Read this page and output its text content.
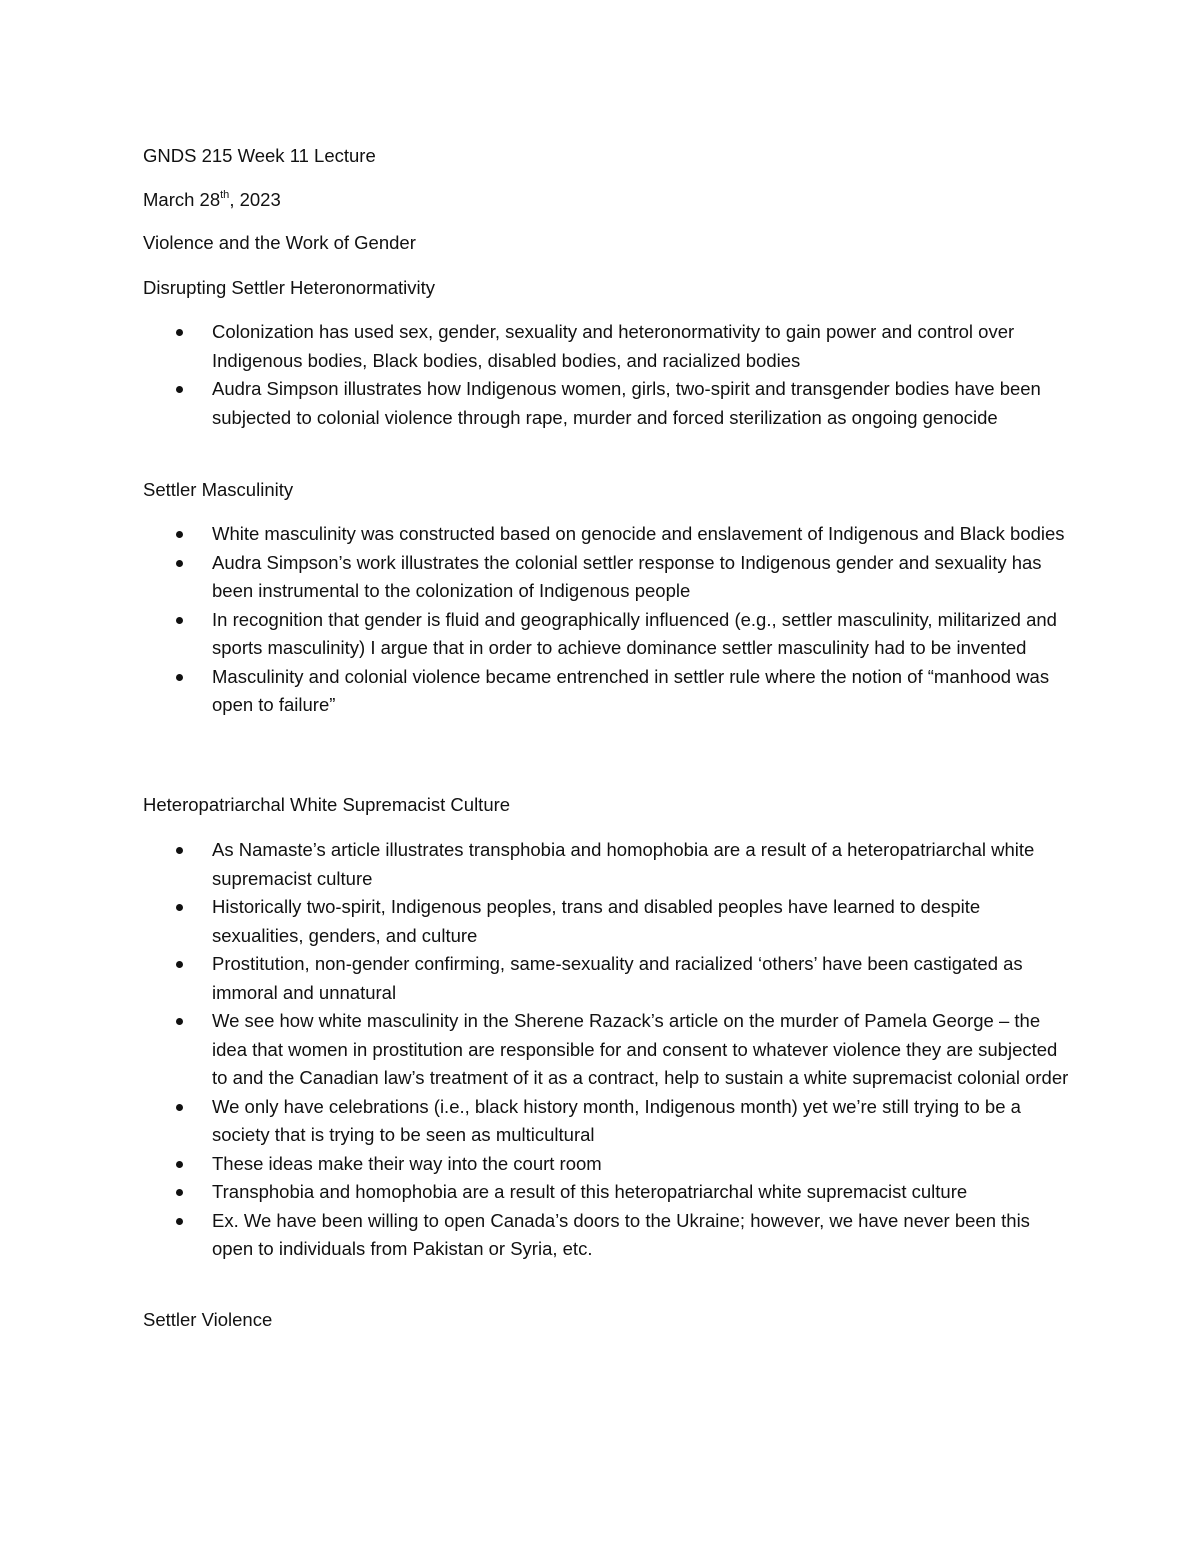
GNDS 215 Week 11 Lecture

March 28th, 2023

Violence and the Work of Gender

Disrupting Settler Heteronormativity

Colonization has used sex, gender, sexuality and heteronormativity to gain power and control over Indigenous bodies, Black bodies, disabled bodies, and racialized bodies
Audra Simpson illustrates how Indigenous women, girls, two-spirit and transgender bodies have been subjected to colonial violence through rape, murder and forced sterilization as ongoing genocide

Settler Masculinity

White masculinity was constructed based on genocide and enslavement of Indigenous and Black bodies
Audra Simpson’s work illustrates the colonial settler response to Indigenous gender and sexuality has been instrumental to the colonization of Indigenous people
In recognition that gender is fluid and geographically influenced (e.g., settler masculinity, militarized and sports masculinity) I argue that in order to achieve dominance settler masculinity had to be invented
Masculinity and colonial violence became entrenched in settler rule where the notion of “manhood was open to failure”

Heteropatriarchal White Supremacist Culture

As Namaste’s article illustrates transphobia and homophobia are a result of a heteropatriarchal white supremacist culture
Historically two-spirit, Indigenous peoples, trans and disabled peoples have learned to despite sexualities, genders, and culture
Prostitution, non-gender confirming, same-sexuality and racialized ‘others’ have been castigated as immoral and unnatural
We see how white masculinity in the Sherene Razack’s article on the murder of Pamela George – the idea that women in prostitution are responsible for and consent to whatever violence they are subjected to and the Canadian law’s treatment of it as a contract, help to sustain a white supremacist colonial order
We only have celebrations (i.e., black history month, Indigenous month) yet we’re still trying to be a society that is trying to be seen as multicultural
These ideas make their way into the court room
Transphobia and homophobia are a result of this heteropatriarchal white supremacist culture
Ex. We have been willing to open Canada’s doors to the Ukraine; however, we have never been this open to individuals from Pakistan or Syria, etc.

Settler Violence
